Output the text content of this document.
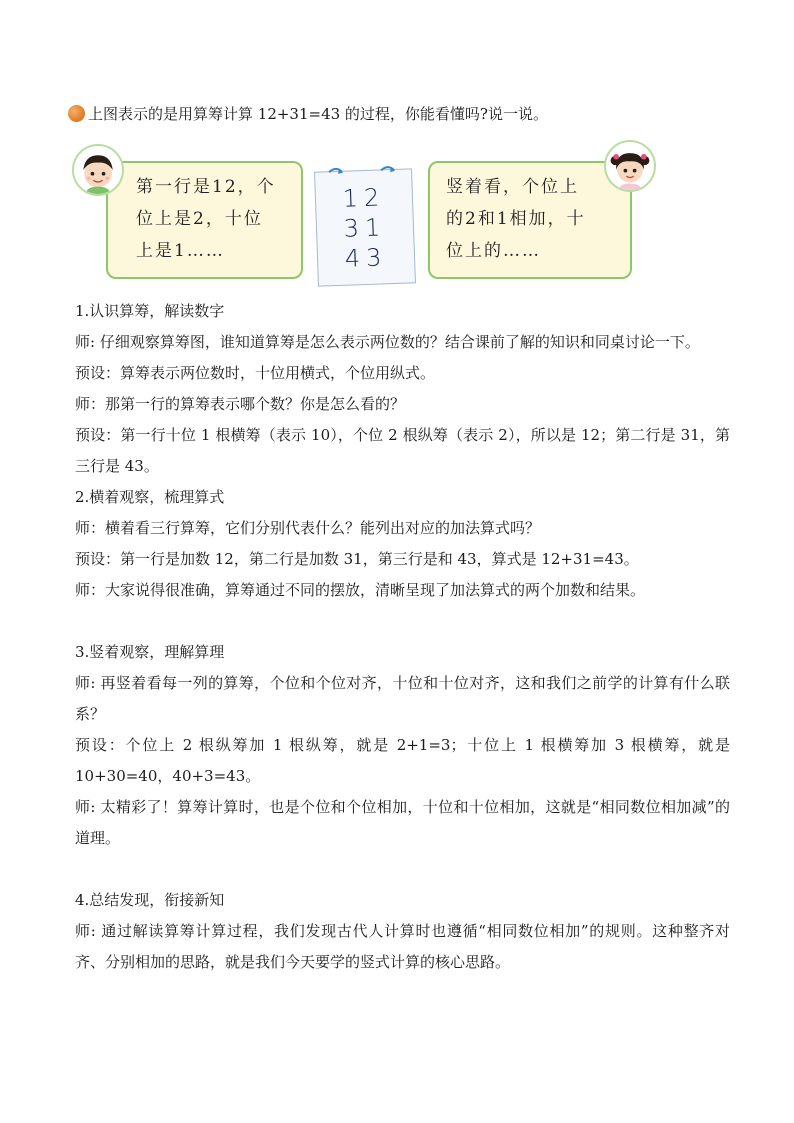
上图表示的是用算筹计算 12+31=43 的过程，你能看懂吗?说一说。
第一行是12，个
位上是2，十位
上是1……
12
31
43
竖着看，个位上
的2和1相加，十
位上的……

1.认识算筹，解读数字

师: 仔细观察算筹图，谁知道算筹是怎么表示两位数的？结合课前了解的知识和同桌讨论一下。

预设：算筹表示两位数时，十位用横式，个位用纵式。

师：那第一行的算筹表示哪个数？你是怎么看的？

预设：第一行十位 1 根横筹（表示 10），个位 2 根纵筹（表示 2），所以是 12；第二行是 31，第三行是 43。

2.横着观察，梳理算式

师：横着看三行算筹，它们分别代表什么？能列出对应的加法算式吗？

预设：第一行是加数 12，第二行是加数 31，第三行是和 43，算式是 12+31=43。

师：大家说得很准确，算筹通过不同的摆放，清晰呈现了加法算式的两个加数和结果。

3.竖着观察，理解算理

师: 再竖着看每一列的算筹，个位和个位对齐，十位和十位对齐，这和我们之前学的计算有什么联系？

预设：个位上 2 根纵筹加 1 根纵筹，就是 2+1=3；十位上 1 根横筹加 3 根横筹，就是 10+30=40，40+3=43。

师: 太精彩了！算筹计算时，也是个位和个位相加，十位和十位相加，这就是“相同数位相加减”的道理。

4.总结发现，衔接新知

师: 通过解读算筹计算过程，我们发现古代人计算时也遵循“相同数位相加”的规则。这种整齐对齐、分别相加的思路，就是我们今天要学的竖式计算的核心思路。
